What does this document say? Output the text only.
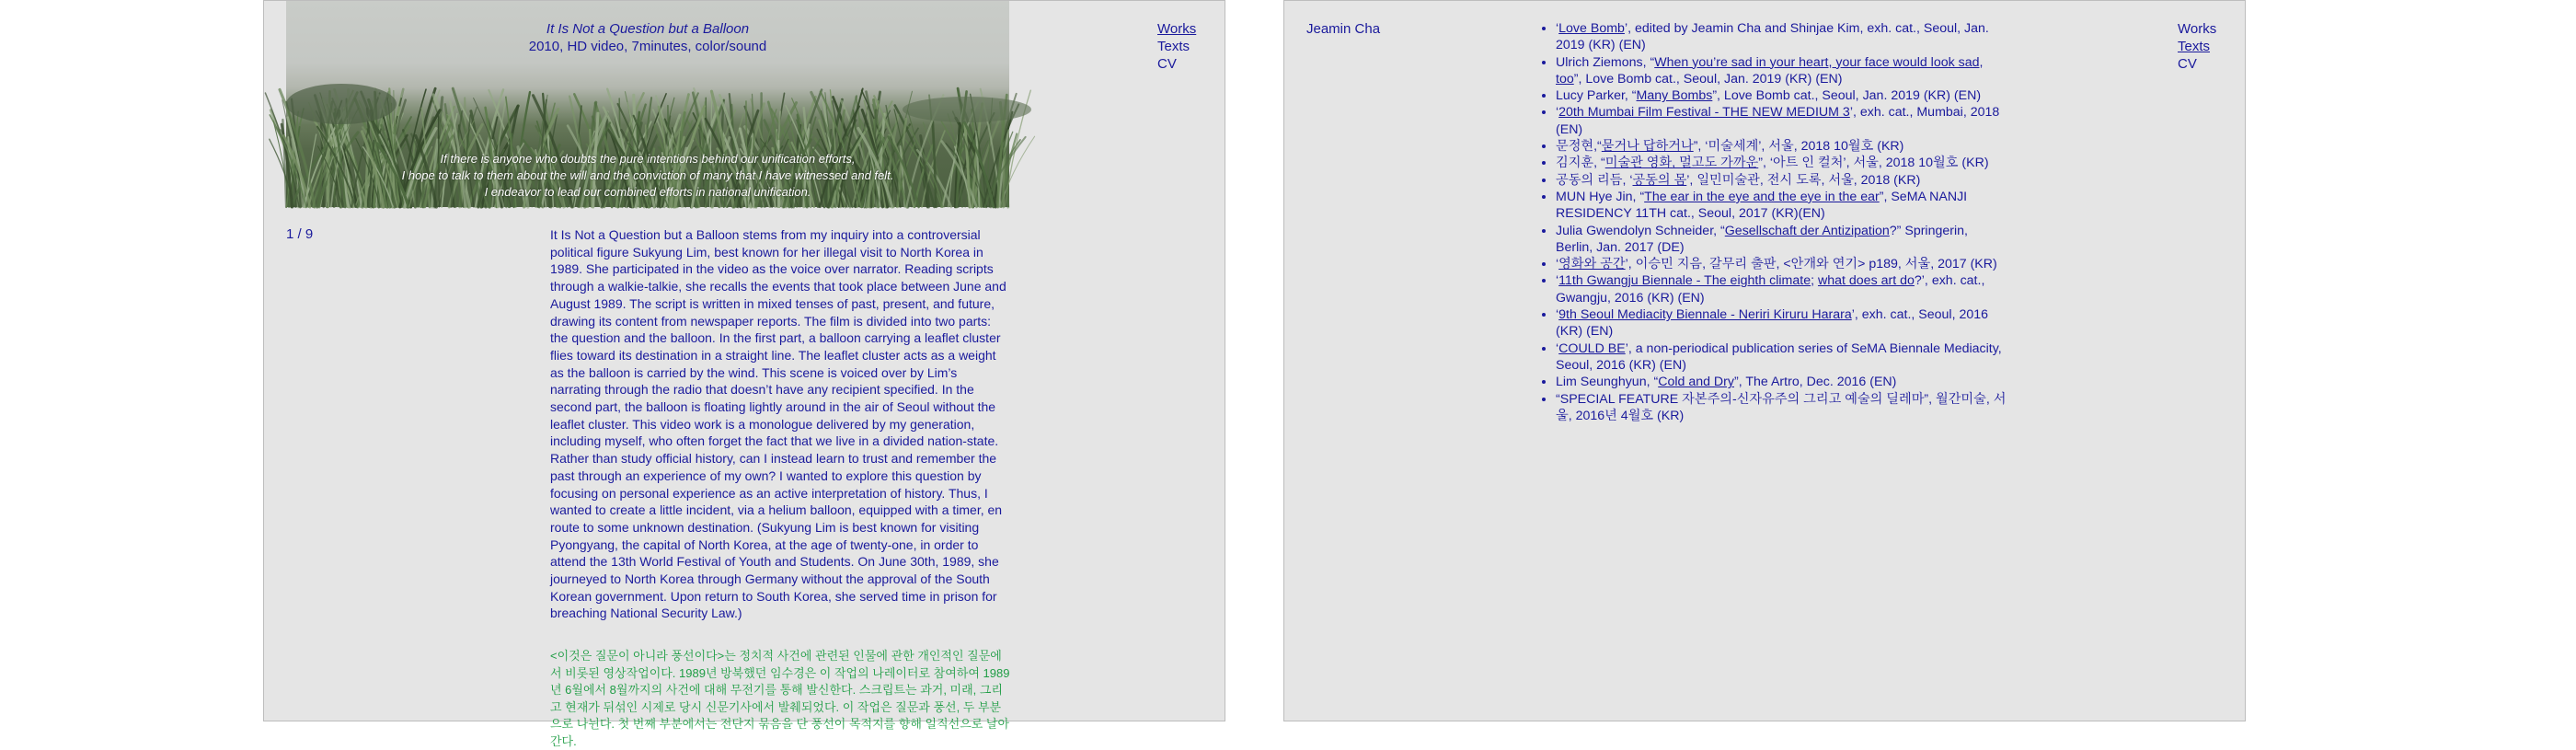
It Is Not a Question but a Balloon
2010, HD video, 7minutes, color/sound
If there is anyone who doubts the pure intentions behind our unification efforts,
I hope to talk to them about the will and the conviction of many that I have witnessed and felt.
I endeavor to lead our combined efforts in national unification.
Works
Texts
CV
1 / 9	It Is Not a Question but a Balloon stems from my inquiry into a controversial political figure Sukyung Lim, best known for her illegal visit to North Korea in 1989. She participated in the video as the voice over narrator. Reading scripts through a walkie-talkie, she recalls the events that took place between June and August 1989. The script is written in mixed tenses of past, present, and future, drawing its content from newspaper reports. The film is divided into two parts: the question and the balloon. In the first part, a balloon carrying a leaflet cluster flies toward its destination in a straight line. The leaflet cluster acts as a weight as the balloon is carried by the wind. This scene is voiced over by Lim’s narrating through the radio that doesn’t have any recipient specified. In the second part, the balloon is floating lightly around in the air of Seoul without the leaflet cluster. This video work is a monologue delivered by my generation, including myself, who often forget the fact that we live in a divided nation-state. Rather than study official history, can I instead learn to trust and remember the past through an experience of my own? I wanted to explore this question by focusing on personal experience as an active interpretation of history. Thus, I wanted to create a little incident, via a helium balloon, equipped with a timer, en route to some unknown destination. (Sukyung Lim is best known for visiting Pyongyang, the capital of North Korea, at the age of twenty-one, in order to attend the 13th World Festival of Youth and Students. On June 30th, 1989, she journeyed to North Korea through Germany without the approval of the South Korean government. Upon return to South Korea, she served time in prison for breaching National Security Law.)

<이것은 질문이 아니라 풍선이다>는 정치적 사건에 관련된 인물에 관한 개인적인 질문에서 비롯된 영상작업이다. 1989년 방북했던 임수경은 이 작업의 나레이터로 참여하여 1989년 6월에서 8월까지의 사건에 대해 무전기를 통해 발신한다. 스크립트는 과거, 미래, 그리고 현재가 뒤섞인 시제로 당시 신문기사에서 발췌되었다. 이 작업은 질문과 풍선, 두 부분으로 나뉜다. 첫 번째 부분에서는 전단지 묶음을 단 풍선이 목적지를 향해 일직선으로 날아간다.

Jeamin Cha
•	‘Love Bomb’, edited by Jeamin Cha and Shinjae Kim, exh. cat., Seoul, Jan. 2019 (KR) (EN)
• Ulrich Ziemons, “When you’re sad in your heart, your face would look sad, too”, Love Bomb cat., Seoul, Jan. 2019 (KR) (EN)
• Lucy Parker, “Many Bombs”, Love Bomb cat., Seoul, Jan. 2019 (KR) (EN)
• ‘20th Mumbai Film Festival - THE NEW MEDIUM 3’, exh. cat., Mumbai, 2018 (EN)
• 문정현,“묻거나 답하거나”, ‘미술세계’, 서울, 2018 10월호 (KR)
• 김지훈, “미술관 영화, 멀고도 가까운”, ‘아트 인 컬처’, 서울, 2018 10월호 (KR)
• 공동의 리듬, ‘공동의 몸’, 일민미술관, 전시 도록, 서울, 2018 (KR)
• MUN Hye Jin, “The ear in the eye and the eye in the ear”, SeMA NANJI RESIDENCY 11TH cat., Seoul, 2017 (KR)(EN)
• Julia Gwendolyn Schneider, “Gesellschaft der Antizipation?” Springerin, Berlin, Jan. 2017 (DE)
• ‘영화와 공간’, 이승민 지음, 갈무리 출판, <안개와 연기> p189, 서울, 2017 (KR)
• ‘11th Gwangju Biennale - The eighth climate; what does art do?’, exh. cat., Gwangju, 2016 (KR) (EN)
• ‘9th Seoul Mediacity Biennale - Neriri Kiruru Harara’, exh. cat., Seoul, 2016 (KR) (EN)
• ‘COULD BE’, a non-periodical publication series of SeMA Biennale Mediacity, Seoul, 2016 (KR) (EN)
• Lim Seunghyun, “Cold and Dry”, The Artro, Dec. 2016 (EN)
• “SPECIAL FEATURE 자본주의-신자유주의 그리고 예술의 딜레마”, 월간미술, 서울, 2016년 4월호 (KR)
Works
Texts
CV
